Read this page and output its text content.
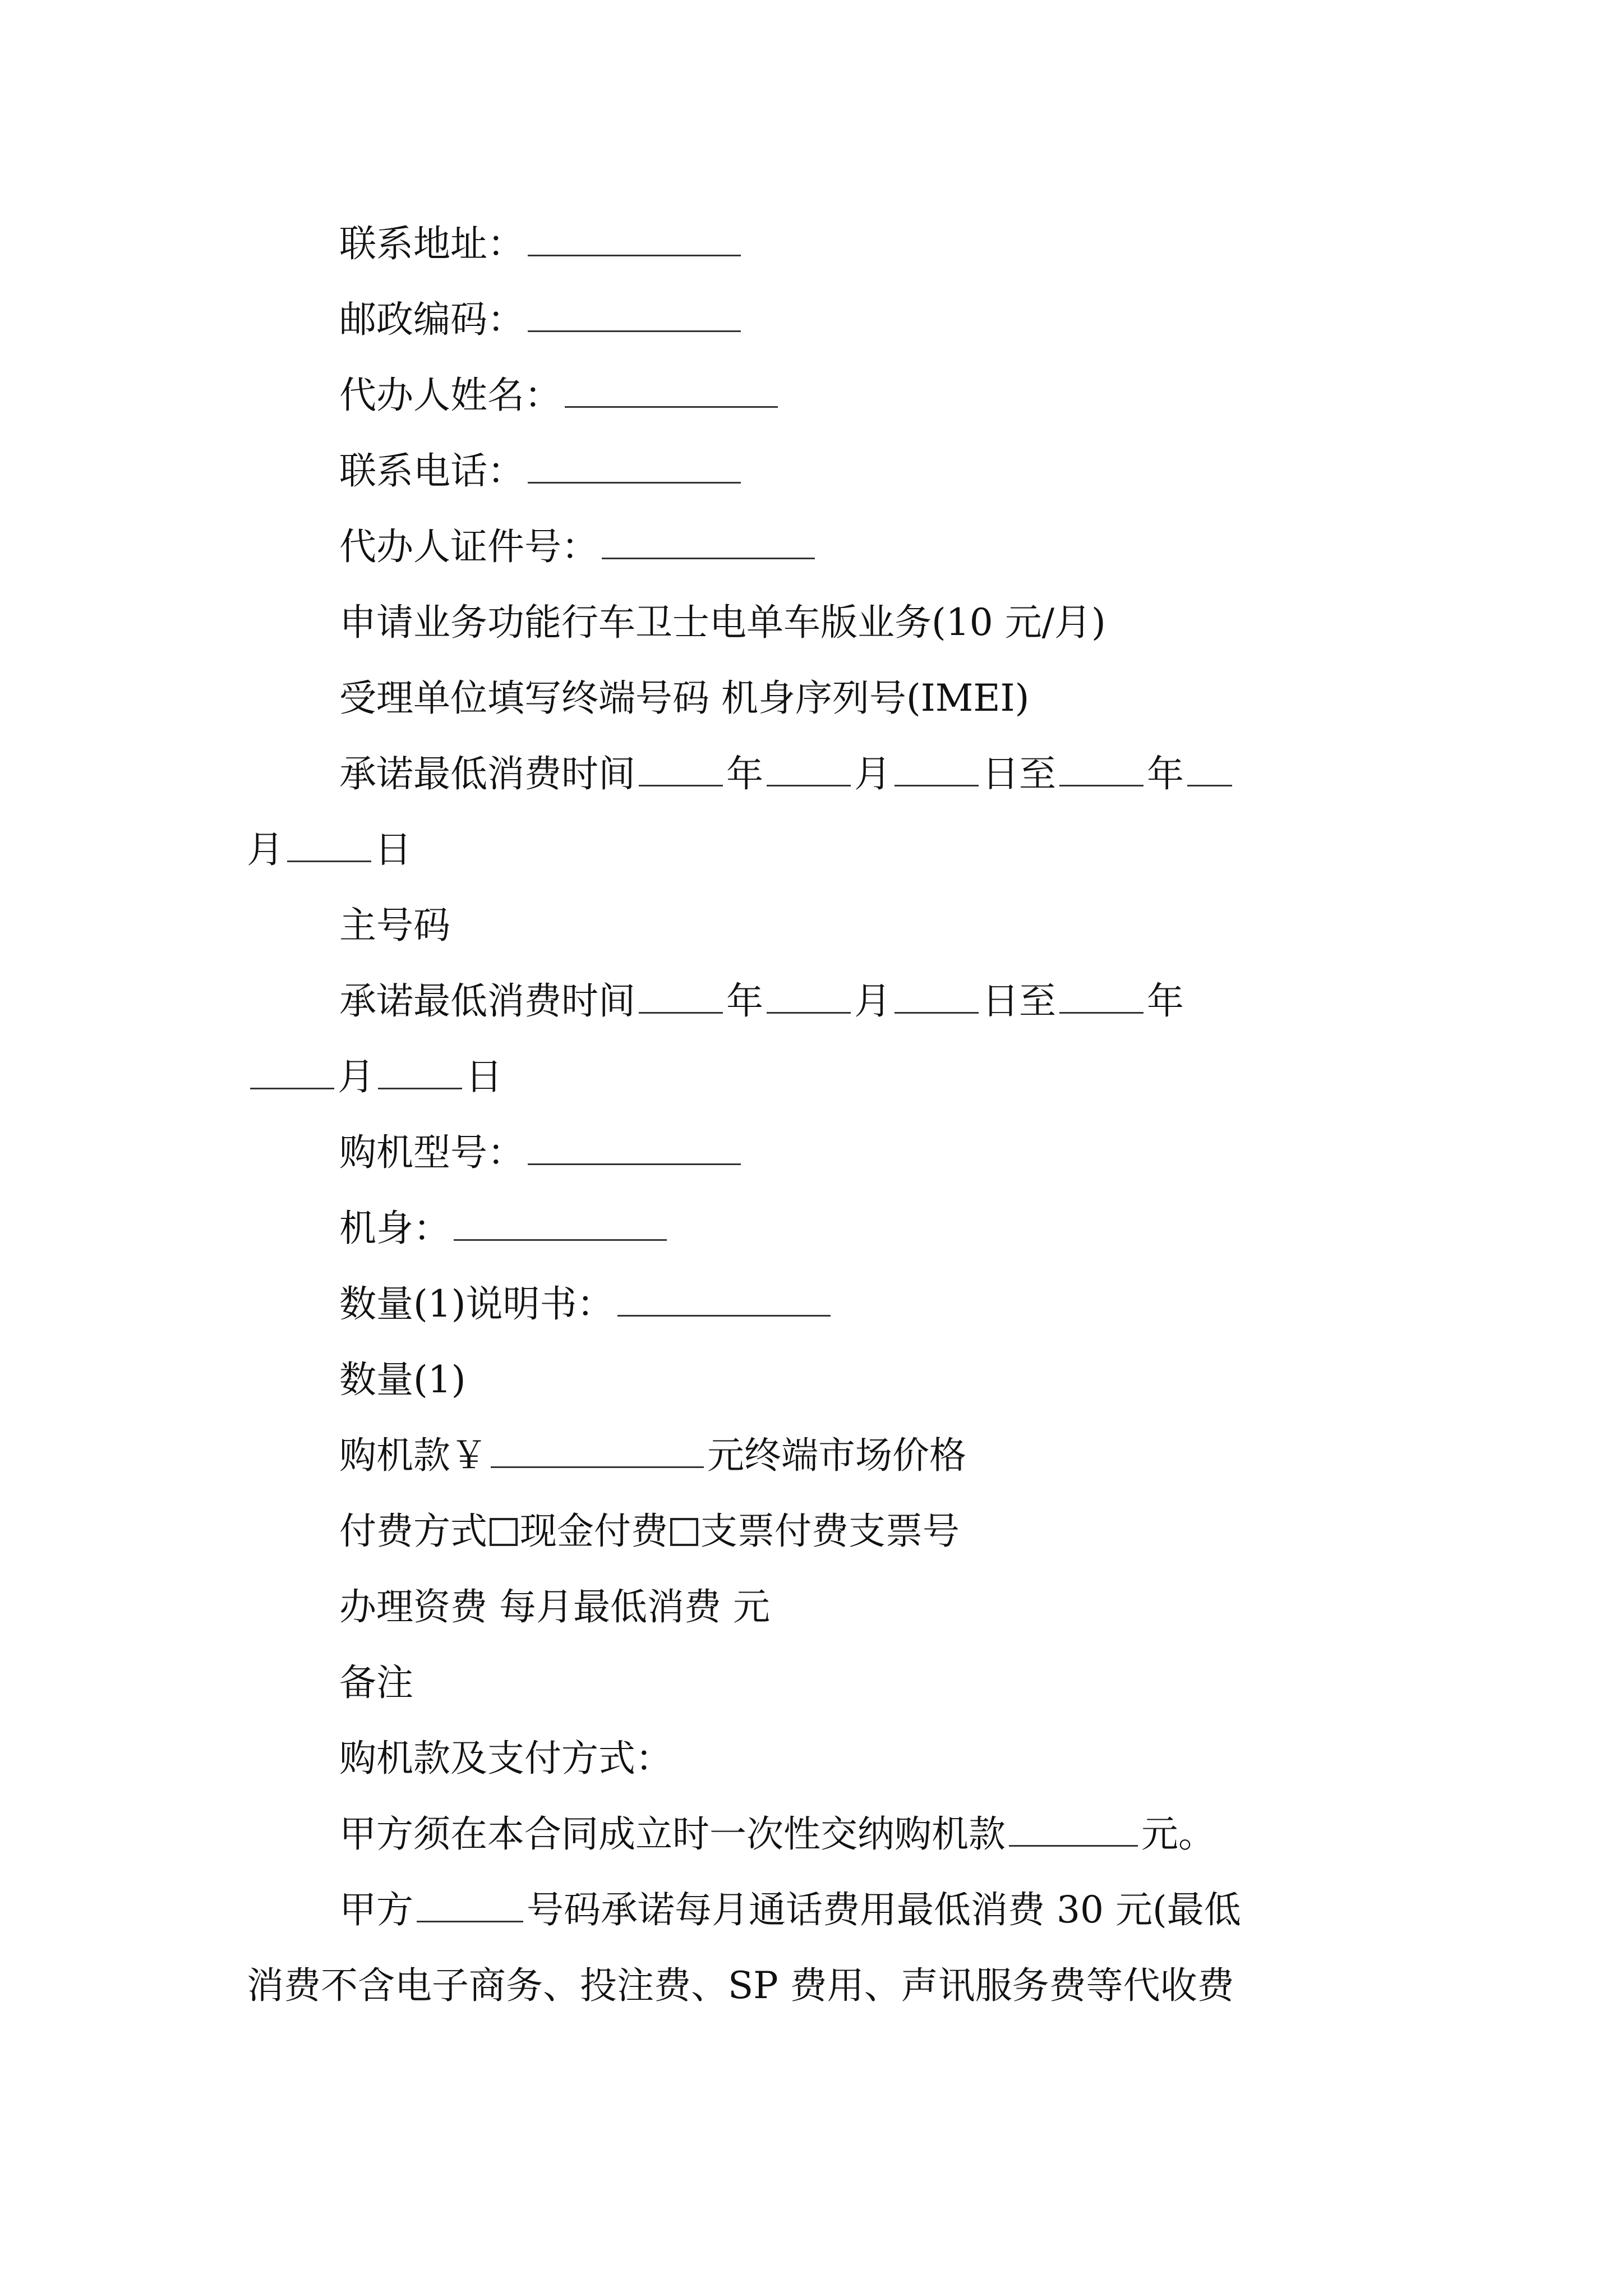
联系地址：
邮政编码：
代办人姓名：
联系电话：
代办人证件号：
申请业务功能行车卫士电单车版业务(10 元/月)
受理单位填写终端号码 机身序列号(IMEI)
承诺最低消费时间 年 月 日至 年
月 日
主号码
承诺最低消费时间 年 月 日至 年
月 日
购机型号：
机身：
数量(1)说明书：
数量(1)
购机款￥	元终端市场价格
付费方式 现金付费 支票付费支票号
办理资费 每月最低消费 元
备注
购机款及支付方式：
甲方须在本合同成立时一次性交纳购机款	元。
甲方	号码承诺每月通话费用最低消费 30 元(最低
消费不含电子商务、投注费、SP 费用、声讯服务费等代收费
